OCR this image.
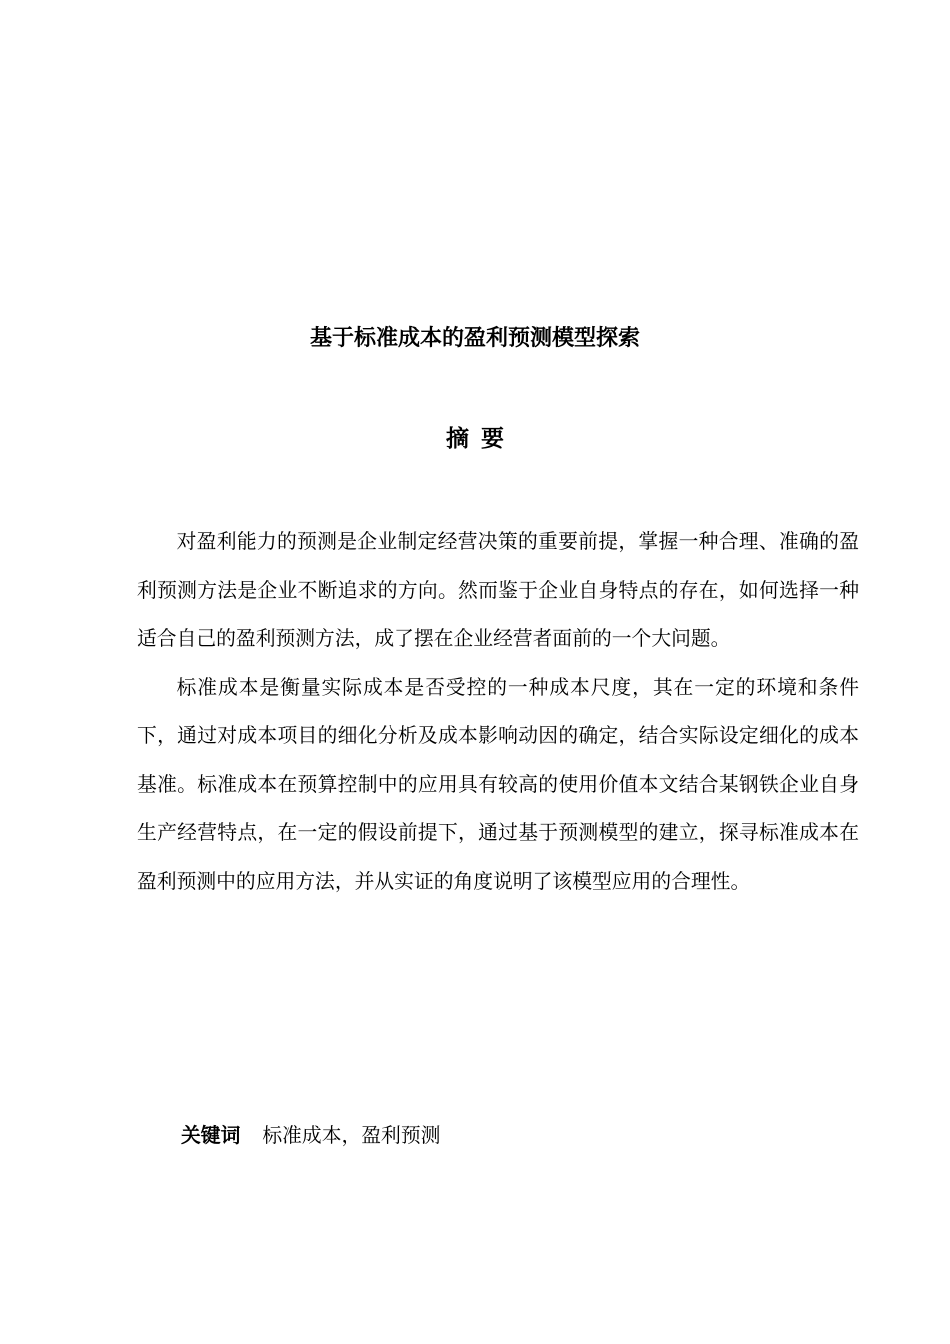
基于标准成本的盈利预测模型探索
摘要

对盈利能力的预测是企业制定经营决策的重要前提，掌握一种合理、准确的盈利预测方法是企业不断追求的方向。然而鉴于企业自身特点的存在，如何选择一种适合自己的盈利预测方法，成了摆在企业经营者面前的一个大问题。

标准成本是衡量实际成本是否受控的一种成本尺度，其在一定的环境和条件下，通过对成本项目的细化分析及成本影响动因的确定，结合实际设定细化的成本基准。标准成本在预算控制中的应用具有较高的使用价值本文结合某钢铁企业自身生产经营特点，在一定的假设前提下，通过基于预测模型的建立，探寻标准成本在盈利预测中的应用方法，并从实证的角度说明了该模型应用的合理性。

关键词 标准成本，盈利预测
